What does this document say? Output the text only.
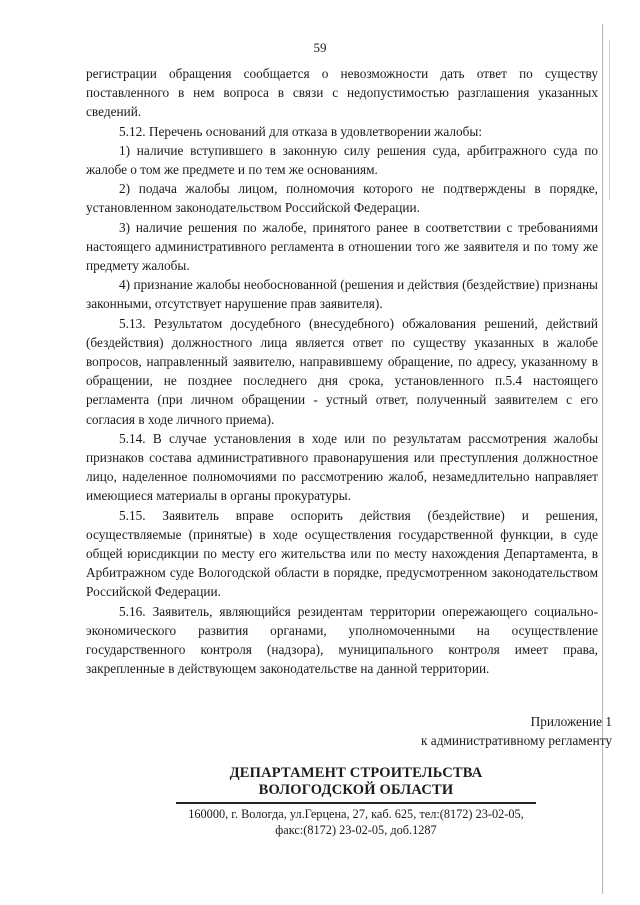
59

регистрации обращения сообщается о невозможности дать ответ по существу поставленного в нем вопроса в связи с недопустимостью разглашения указанных сведений.

5.12. Перечень оснований для отказа в удовлетворении жалобы:

1) наличие вступившего в законную силу решения суда, арбитражного суда по жалобе о том же предмете и по тем же основаниям.

2) подача жалобы лицом, полномочия которого не подтверждены в порядке, установленном законодательством Российской Федерации.

3) наличие решения по жалобе, принятого ранее в соответствии с требованиями настоящего административного регламента в отношении того же заявителя и по тому же предмету жалобы.

4) признание жалобы необоснованной (решения и действия (бездействие) признаны законными, отсутствует нарушение прав заявителя).

5.13. Результатом досудебного (внесудебного) обжалования решений, действий (бездействия) должностного лица является ответ по существу указанных в жалобе вопросов, направленный заявителю, направившему обращение, по адресу, указанному в обращении, не позднее последнего дня срока, установленного п.5.4 настоящего регламента (при личном обращении - устный ответ, полученный заявителем с его согласия в ходе личного приема).

5.14. В случае установления в ходе или по результатам рассмотрения жалобы признаков состава административного правонарушения или преступления должностное лицо, наделенное полномочиями по рассмотрению жалоб, незамедлительно направляет имеющиеся материалы в органы прокуратуры.

5.15. Заявитель вправе оспорить действия (бездействие) и решения, осуществляемые (принятые) в ходе осуществления государственной функции, в суде общей юрисдикции по месту его жительства или по месту нахождения Департамента, в Арбитражном суде Вологодской области в порядке, предусмотренном законодательством Российской Федерации.

5.16. Заявитель, являющийся резидентам территории опережающего социально-экономического развития органами, уполномоченными на осуществление государственного контроля (надзора), муниципального контроля имеет права, закрепленные в действующем законодательстве на данной территории.

Приложение 1
к административному регламенту
ДЕПАРТАМЕНТ СТРОИТЕЛЬСТВА
ВОЛОГОДСКОЙ ОБЛАСТИ
160000, г. Вологда, ул.Герцена, 27, каб. 625, тел:(8172) 23-02-05,
факс:(8172) 23-02-05, доб.1287
